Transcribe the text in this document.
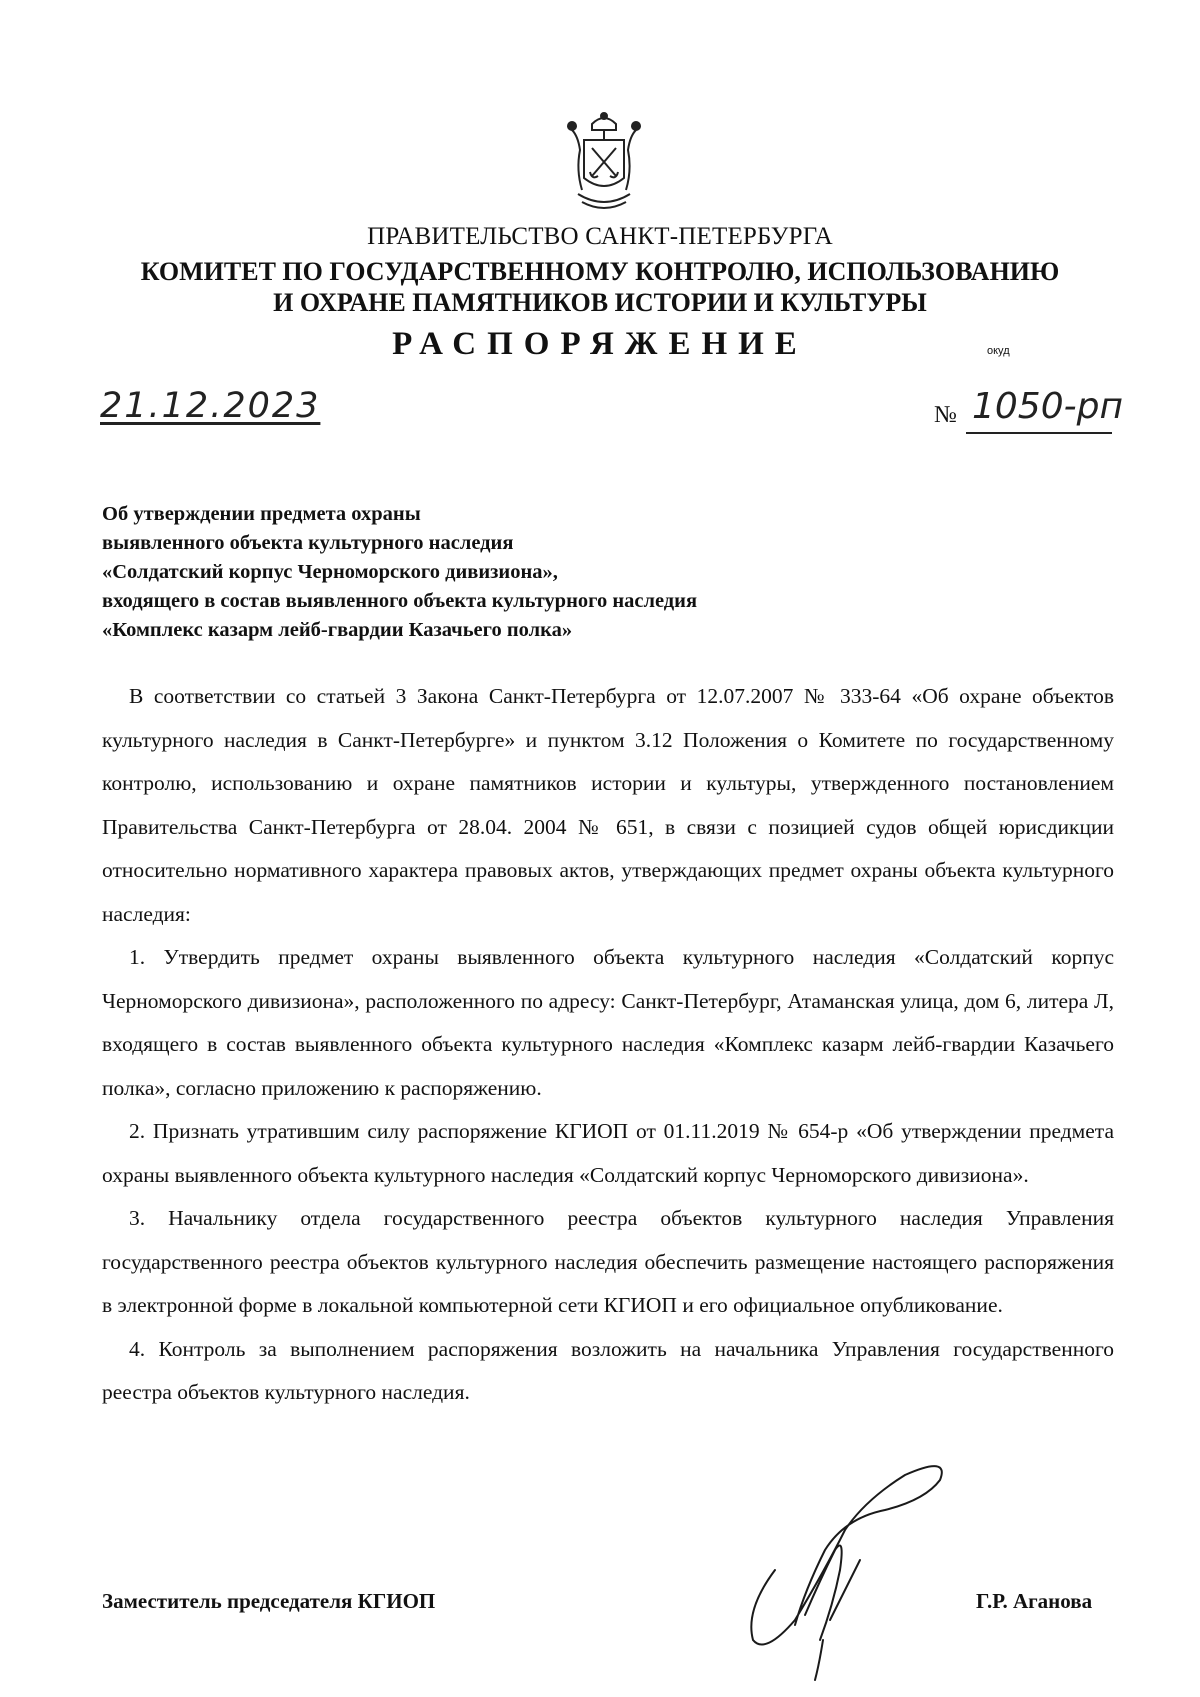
ПРАВИТЕЛЬСТВО САНКТ-ПЕТЕРБУРГА
КОМИТЕТ ПО ГОСУДАРСТВЕННОМУ КОНТРОЛЮ, ИСПОЛЬЗОВАНИЮ
И ОХРАНЕ ПАМЯТНИКОВ ИСТОРИИ И КУЛЬТУРЫ
РАСПОРЯЖЕНИЕ	окуд
21.12.2023	№ 1050-рп
Об утверждении предмета охраны
выявленного объекта культурного наследия
«Солдатский корпус Черноморского дивизиона»,
входящего в состав выявленного объекта культурного наследия
«Комплекс казарм лейб-гвардии Казачьего полка»

В соответствии со статьей 3 Закона Санкт-Петербурга от 12.07.2007 № 333-64 «Об охране объектов культурного наследия в Санкт-Петербурге» и пунктом 3.12 Положения о Комитете по государственному контролю, использованию и охране памятников истории и культуры, утвержденного постановлением Правительства Санкт-Петербурга от 28.04. 2004 № 651, в связи с позицией судов общей юрисдикции относительно нормативного характера правовых актов, утверждающих предмет охраны объекта культурного наследия:

1. Утвердить предмет охраны выявленного объекта культурного наследия «Солдатский корпус Черноморского дивизиона», расположенного по адресу: Санкт-Петербург, Атаманская улица, дом 6, литера Л, входящего в состав выявленного объекта культурного наследия «Комплекс казарм лейб-гвардии Казачьего полка», согласно приложению к распоряжению.

2. Признать утратившим силу распоряжение КГИОП от 01.11.2019 № 654-р «Об утверждении предмета охраны выявленного объекта культурного наследия «Солдатский корпус Черноморского дивизиона».

3. Начальнику отдела государственного реестра объектов культурного наследия Управления государственного реестра объектов культурного наследия обеспечить размещение настоящего распоряжения в электронной форме в локальной компьютерной сети КГИОП и его официальное опубликование.

4. Контроль за выполнением распоряжения возложить на начальника Управления государственного реестра объектов культурного наследия.

Заместитель председателя КГИОП	Г.Р. Аганова
